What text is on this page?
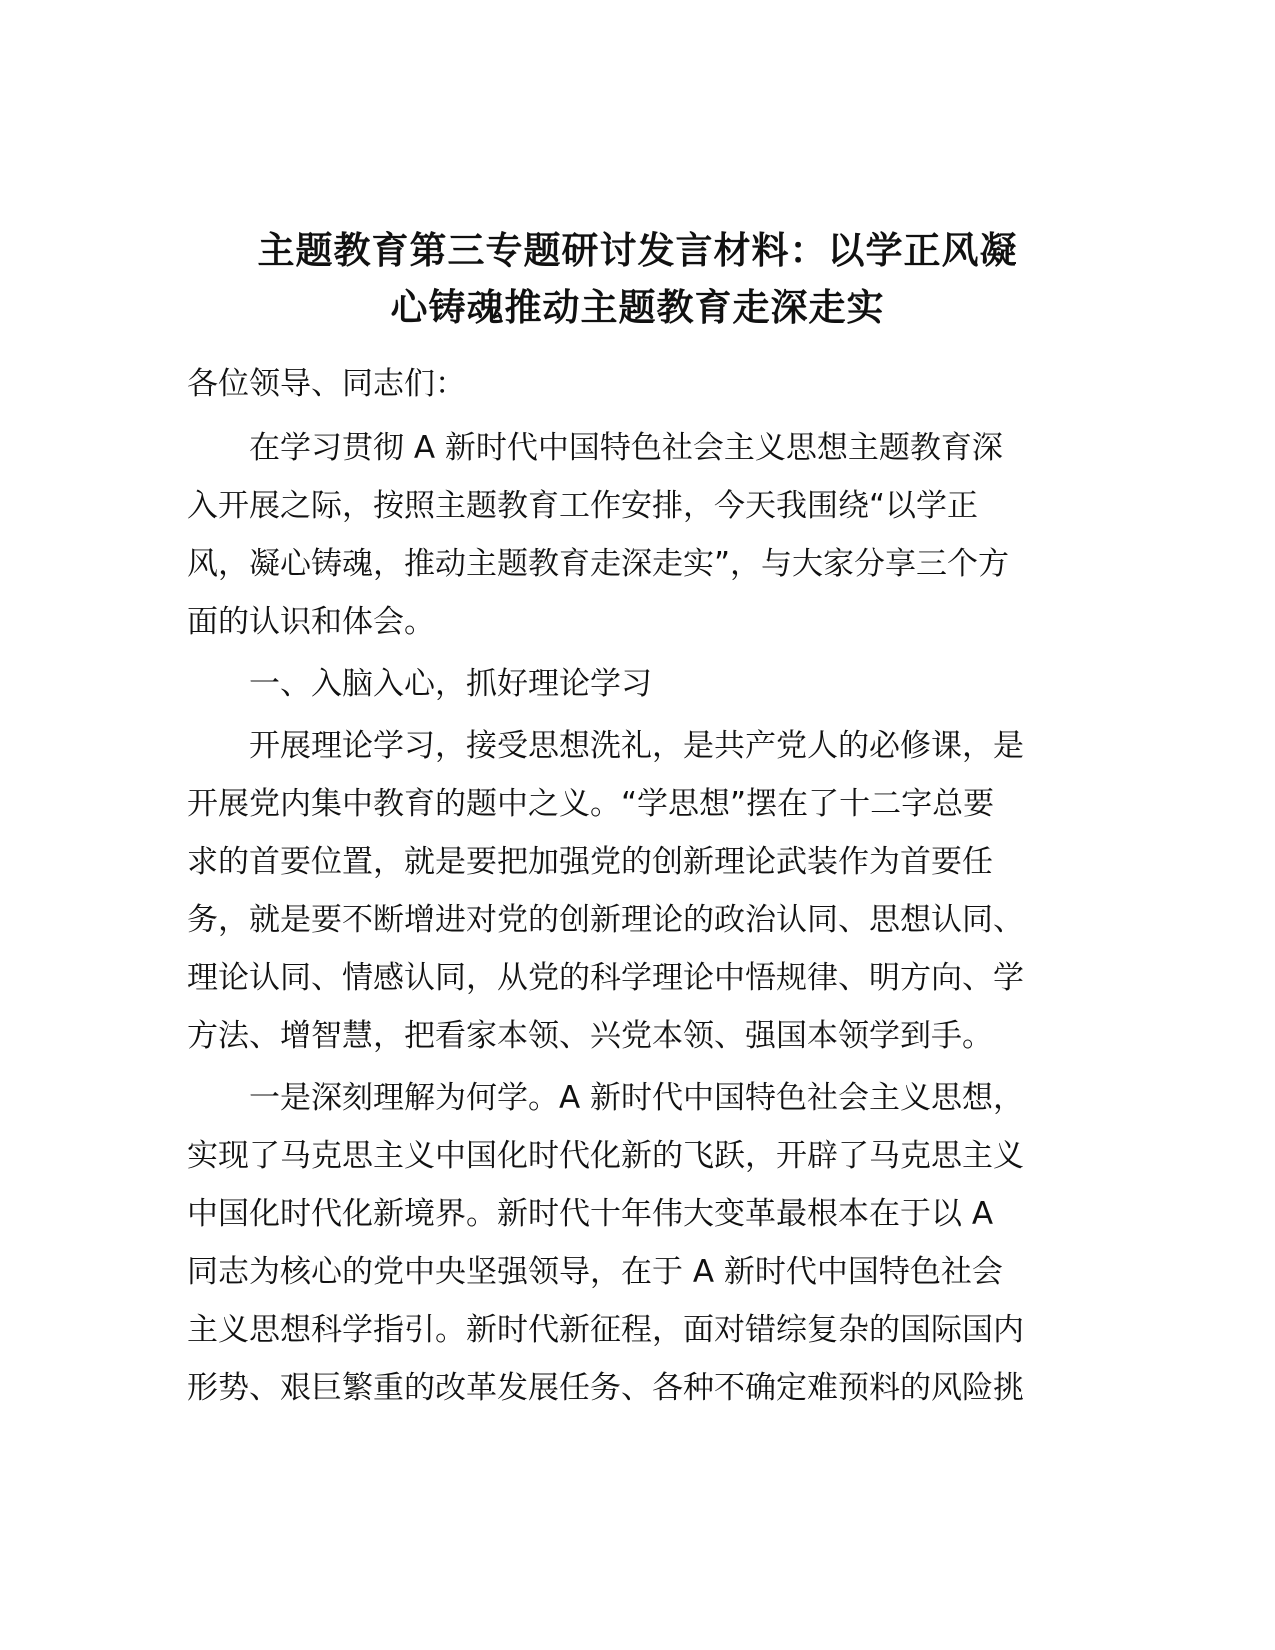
主题教育第三专题研讨发言材料：以学正风凝
心铸魂推动主题教育走深走实

各位领导、同志们：

在学习贯彻 A 新时代中国特色社会主义思想主题教育深
入开展之际，按照主题教育工作安排，今天我围绕“以学正
风，凝心铸魂，推动主题教育走深走实”，与大家分享三个方
面的认识和体会。

一、入脑入心，抓好理论学习

开展理论学习，接受思想洗礼，是共产党人的必修课，是
开展党内集中教育的题中之义。“学思想”摆在了十二字总要
求的首要位置，就是要把加强党的创新理论武装作为首要任
务，就是要不断增进对党的创新理论的政治认同、思想认同、
理论认同、情感认同，从党的科学理论中悟规律、明方向、学
方法、增智慧，把看家本领、兴党本领、强国本领学到手。

一是深刻理解为何学。A 新时代中国特色社会主义思想，
实现了马克思主义中国化时代化新的飞跃，开辟了马克思主义
中国化时代化新境界。新时代十年伟大变革最根本在于以 A
同志为核心的党中央坚强领导，在于 A 新时代中国特色社会
主义思想科学指引。新时代新征程，面对错综复杂的国际国内
形势、艰巨繁重的改革发展任务、各种不确定难预料的风险挑
